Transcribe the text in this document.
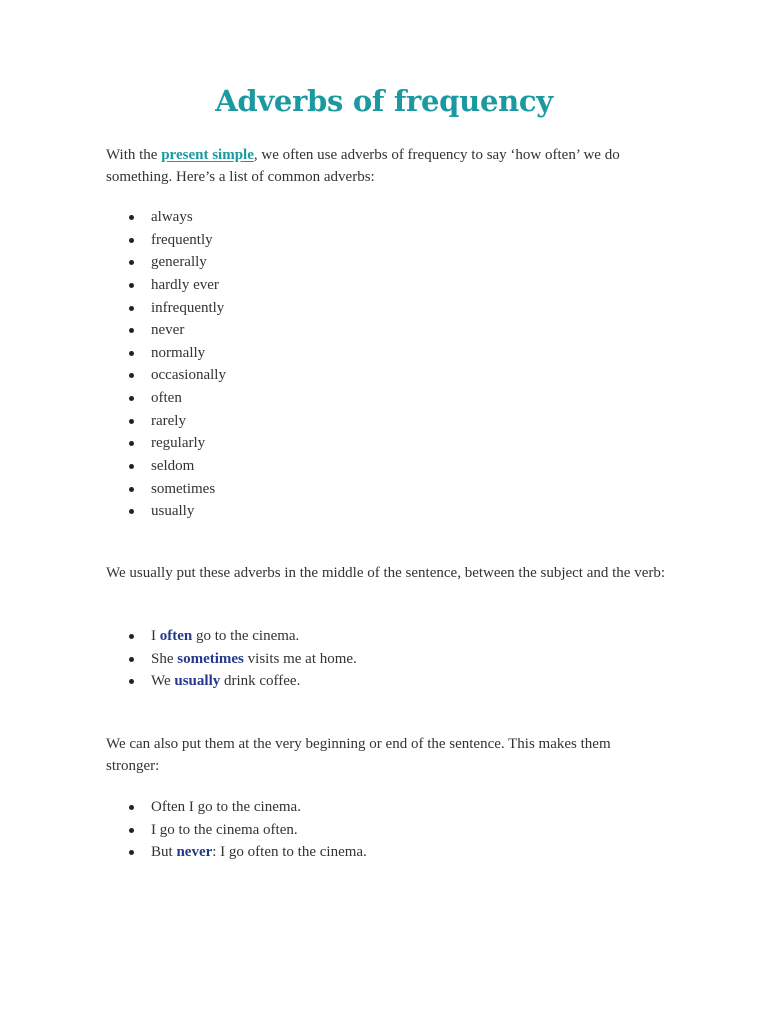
Adverbs of frequency

With the present simple, we often use adverbs of frequency to say ‘how often’ we do something. Here’s a list of common adverbs:

always
frequently
generally
hardly ever
infrequently
never
normally
occasionally
often
rarely
regularly
seldom
sometimes
usually

We usually put these adverbs in the middle of the sentence, between the subject and the verb:

I often go to the cinema.
She sometimes visits me at home.
We usually drink coffee.

We can also put them at the very beginning or end of the sentence. This makes them stronger:

Often I go to the cinema.
I go to the cinema often.
But never: I go often to the cinema.
